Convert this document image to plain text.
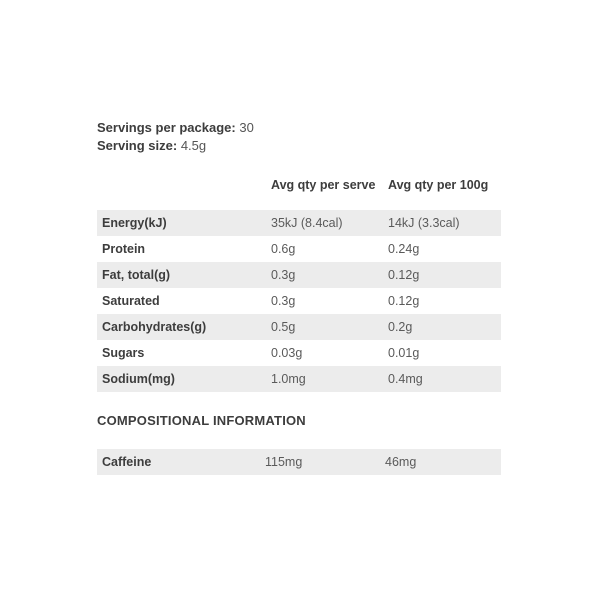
Servings per package: 30
Serving size: 4.5g
Avg qty per serve	Avg qty per 100g
Energy(kJ)	35kJ (8.4cal)	14kJ (3.3cal)
Protein	0.6g	0.24g
Fat, total(g)	0.3g	0.12g
Saturated	0.3g	0.12g
Carbohydrates(g)	0.5g	0.2g
Sugars	0.03g	0.01g
Sodium(mg)	1.0mg	0.4mg
COMPOSITIONAL INFORMATION
Caffeine	115mg	46mg
